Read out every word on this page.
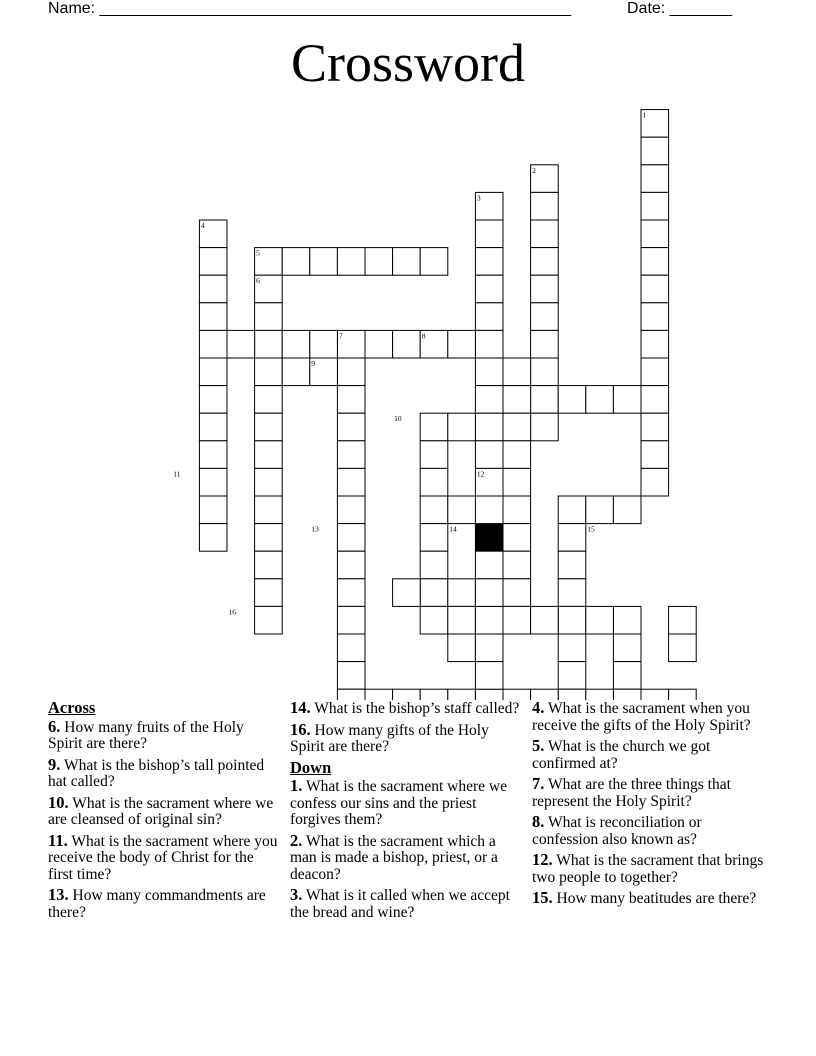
Name: _____________________________________________________	Date: _______
Crossword
1
2
3
4
5
6
7	8
9
10
11	12
13	14	15
16
Across
6. How many fruits of the Holy Spirit are there?
9. What is the bishop’s tall pointed hat called?
10. What is the sacrament where we are cleansed of original sin?
11. What is the sacrament where you receive the body of Christ for the first time?
13. How many commandments are there?
14. What is the bishop’s staff called?
16. How many gifts of the Holy Spirit are there?
Down
1. What is the sacrament where we confess our sins and the priest forgives them?
2. What is the sacrament which a man is made a bishop, priest, or a deacon?
3. What is it called when we accept the bread and wine?
4. What is the sacrament when you receive the gifts of the Holy Spirit?
5. What is the church we got confirmed at?
7. What are the three things that represent the Holy Spirit?
8. What is reconciliation or confession also known as?
12. What is the sacrament that brings two people to together?
15. How many beatitudes are there?
